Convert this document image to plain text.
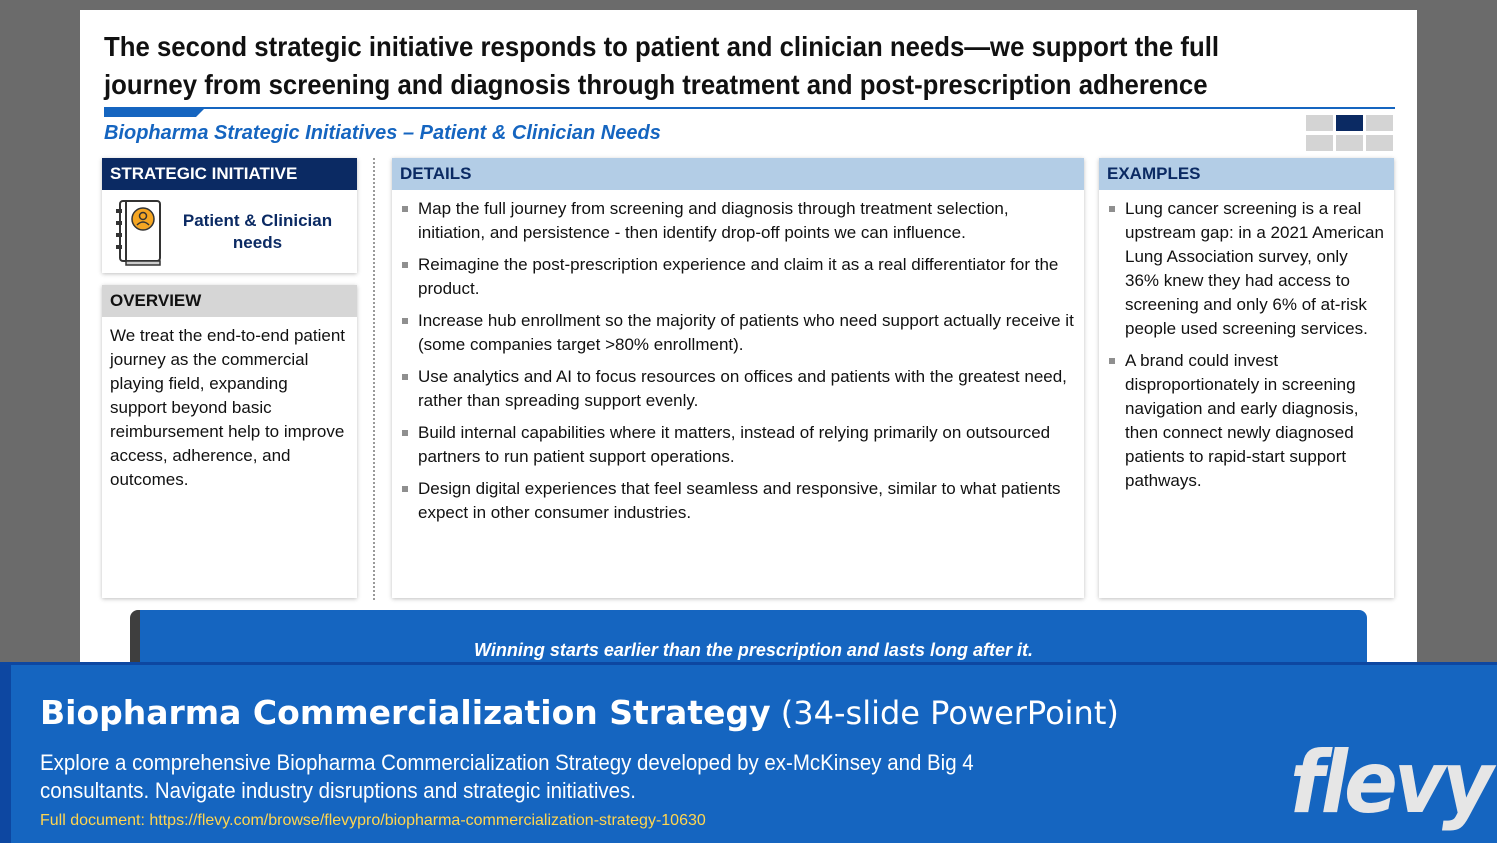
The second strategic initiative responds to patient and clinician needs—we support the full journey from screening and diagnosis through treatment and post-prescription adherence
Biopharma Strategic Initiatives – Patient & Clinician Needs
STRATEGIC INITIATIVE
Patient & Clinician needs
OVERVIEW
We treat the end-to-end patient journey as the commercial playing field, expanding support beyond basic reimbursement help to improve access, adherence, and outcomes.
DETAILS
Map the full journey from screening and diagnosis through treatment selection, initiation, and persistence - then identify drop-off points we can influence.
Reimagine the post-prescription experience and claim it as a real differentiator for the product.
Increase hub enrollment so the majority of patients who need support actually receive it (some companies target >80% enrollment).
Use analytics and AI to focus resources on offices and patients with the greatest need, rather than spreading support evenly.
Build internal capabilities where it matters, instead of relying primarily on outsourced partners to run patient support operations.
Design digital experiences that feel seamless and responsive, similar to what patients expect in other consumer industries.
EXAMPLES
Lung cancer screening is a real upstream gap: in a 2021 American Lung Association survey, only 36% knew they had access to screening and only 6% of at-risk people used screening services.
A brand could invest disproportionately in screening navigation and early diagnosis, then connect newly diagnosed patients to rapid-start support pathways.
Winning starts earlier than the prescription and lasts long after it.
Biopharma Commercialization Strategy (34-slide PowerPoint)
Explore a comprehensive Biopharma Commercialization Strategy developed by ex-McKinsey and Big 4 consultants. Navigate industry disruptions and strategic initiatives.
Full document: https://flevy.com/browse/flevypro/biopharma-commercialization-strategy-10630	flevy
